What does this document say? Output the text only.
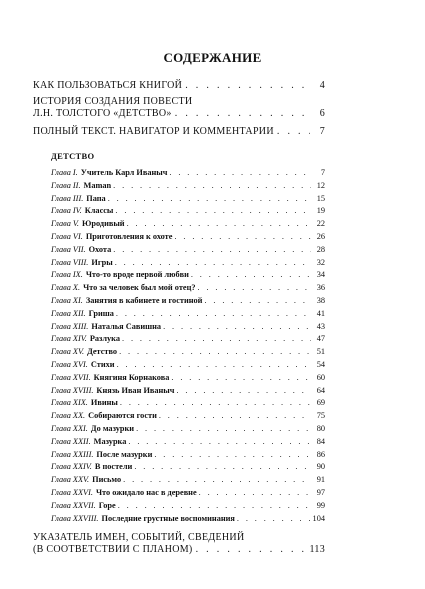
СОДЕРЖАНИЕ
КАК ПОЛЬЗОВАТЬСЯ КНИГОЙ . . .	4
ИСТОРИЯ СОЗДАНИЯ ПОВЕСТИ
Л.Н. ТОЛСТОГО «ДЕТСТВО» . . .	6
ПОЛНЫЙ ТЕКСТ. НАВИГАТОР И КОММЕНТАРИИ . . .	7
ДЕТСТВО
Глава I. Учитель Карл Иваныч . . .	7
Глава II. Maman . . .	12
Глава III. Папа . . .	15
Глава IV. Классы . . .	19
Глава V. Юродивый . . .	22
Глава VI. Приготовления к охоте . . .	26
Глава VII. Охота . . .	28
Глава VIII. Игры . . .	32
Глава IX. Что-то вроде первой любви . . .	34
Глава X. Что за человек был мой отец? . . .	36
Глава XI. Занятия в кабинете и гостиной . . .	38
Глава XII. Гриша . . .	41
Глава XIII. Наталья Савишна . . .	43
Глава XIV. Разлука . . .	47
Глава XV. Детство . . .	51
Глава XVI. Стихи . . .	54
Глава XVII. Княгиня Корнакова . . .	60
Глава XVIII. Князь Иван Иваныч . . .	64
Глава XIX. Ивины . . .	69
Глава XX. Собираются гости . . .	75
Глава XXI. До мазурки . . .	80
Глава XXII. Мазурка . . .	84
Глава XXIII. После мазурки . . .	86
Глава XXIV. В постели . . .	90
Глава XXV. Письмо . . .	91
Глава XXVI. Что ожидало нас в деревне . . .	97
Глава XXVII. Горе . . .	99
Глава XXVIII. Последние грустные воспоминания . . .	104
УКАЗАТЕЛЬ ИМЕН, СОБЫТИЙ, СВЕДЕНИЙ
(В СООТВЕТСТВИИ С ПЛАНОМ) . . .	113
